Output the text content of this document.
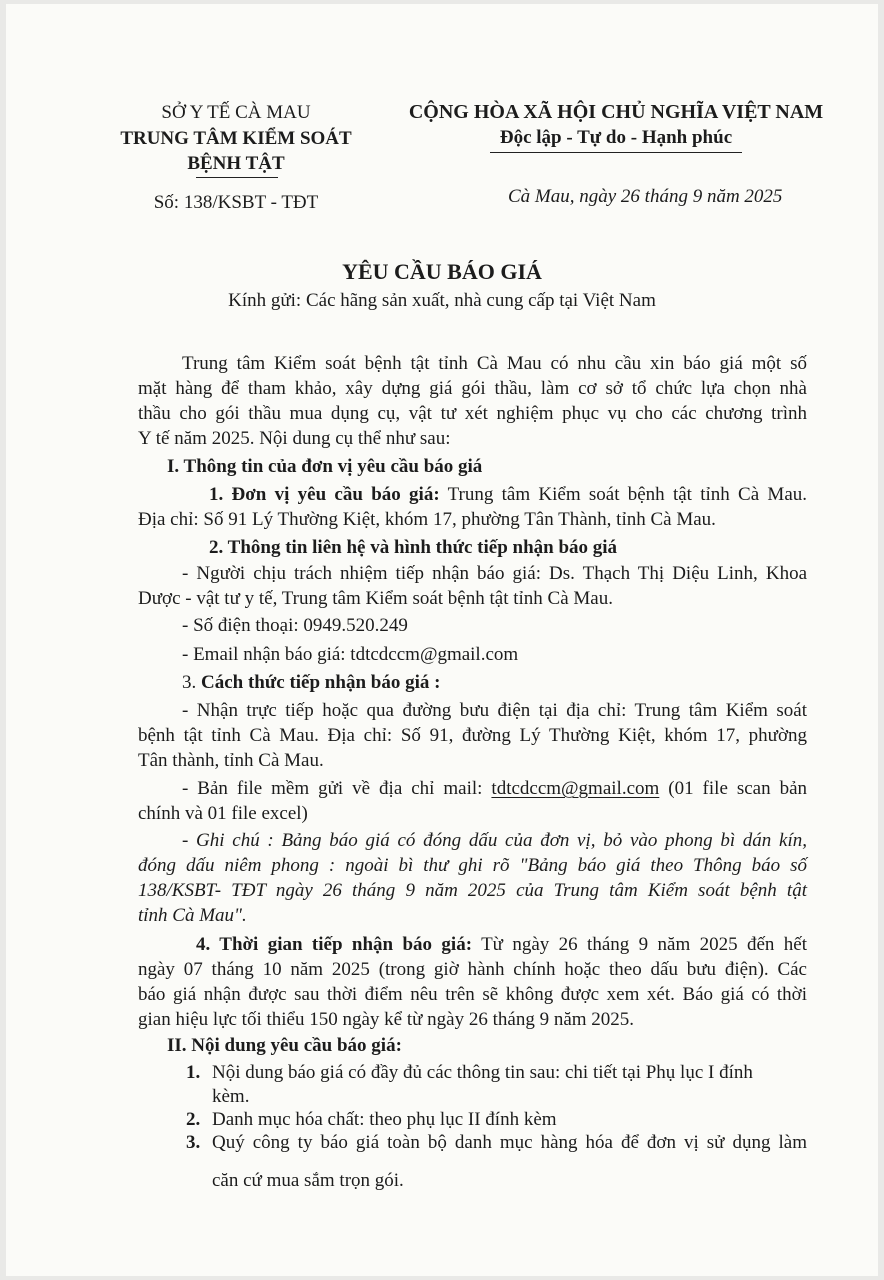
SỞ Y TẾ CÀ MAU
TRUNG TÂM KIỂM SOÁT
BỆNH TẬT
Số: 138/KSBT - TĐT
CỘNG HÒA XÃ HỘI CHỦ NGHĨA VIỆT NAM
Độc lập - Tự do - Hạnh phúc
Cà Mau, ngày 26 tháng 9 năm 2025
YÊU CẦU BÁO GIÁ
Kính gửi: Các hãng sản xuất, nhà cung cấp tại Việt Nam
Trung tâm Kiểm soát bệnh tật tỉnh Cà Mau có nhu cầu xin báo giá một số
mặt hàng để tham khảo, xây dựng giá gói thầu, làm cơ sở tổ chức lựa chọn nhà
thầu cho gói thầu mua dụng cụ, vật tư xét nghiệm phục vụ cho các chương trình
Y tế năm 2025. Nội dung cụ thể như sau:
I. Thông tin của đơn vị yêu cầu báo giá
1. Đơn vị yêu cầu báo giá: Trung tâm Kiểm soát bệnh tật tỉnh Cà Mau.
Địa chỉ: Số 91 Lý Thường Kiệt, khóm 17, phường Tân Thành, tỉnh Cà Mau.
2. Thông tin liên hệ và hình thức tiếp nhận báo giá
- Người chịu trách nhiệm tiếp nhận báo giá: Ds. Thạch Thị Diệu Linh, Khoa
Dược - vật tư y tế, Trung tâm Kiểm soát bệnh tật tỉnh Cà Mau.
- Số điện thoại: 0949.520.249
- Email nhận báo giá: tdtcdccm@gmail.com
3. Cách thức tiếp nhận báo giá :
- Nhận trực tiếp hoặc qua đường bưu điện tại địa chỉ: Trung tâm Kiểm soát
bệnh tật tỉnh Cà Mau. Địa chỉ: Số 91, đường Lý Thường Kiệt, khóm 17, phường
Tân thành, tỉnh Cà Mau.
- Bản file mềm gửi về địa chỉ mail: tdtcdccm@gmail.com (01 file scan bản
chính và 01 file excel)
- Ghi chú : Bảng báo giá có đóng dấu của đơn vị, bỏ vào phong bì dán kín,
đóng dấu niêm phong : ngoài bì thư ghi rõ "Bảng báo giá theo Thông báo số
138/KSBT- TĐT ngày 26 tháng 9 năm 2025 của Trung tâm Kiểm soát bệnh tật
tỉnh Cà Mau".
4. Thời gian tiếp nhận báo giá: Từ ngày 26 tháng 9 năm 2025 đến hết
ngày 07 tháng 10 năm 2025 (trong giờ hành chính hoặc theo dấu bưu điện). Các
báo giá nhận được sau thời điểm nêu trên sẽ không được xem xét. Báo giá có thời
gian hiệu lực tối thiểu 150 ngày kể từ ngày 26 tháng 9 năm 2025.
II. Nội dung yêu cầu báo giá:
1. Nội dung báo giá có đầy đủ các thông tin sau: chi tiết tại Phụ lục I đính
kèm.
2. Danh mục hóa chất: theo phụ lục II đính kèm
3. Quý công ty báo giá toàn bộ danh mục hàng hóa để đơn vị sử dụng làm
căn cứ mua sắm trọn gói.
